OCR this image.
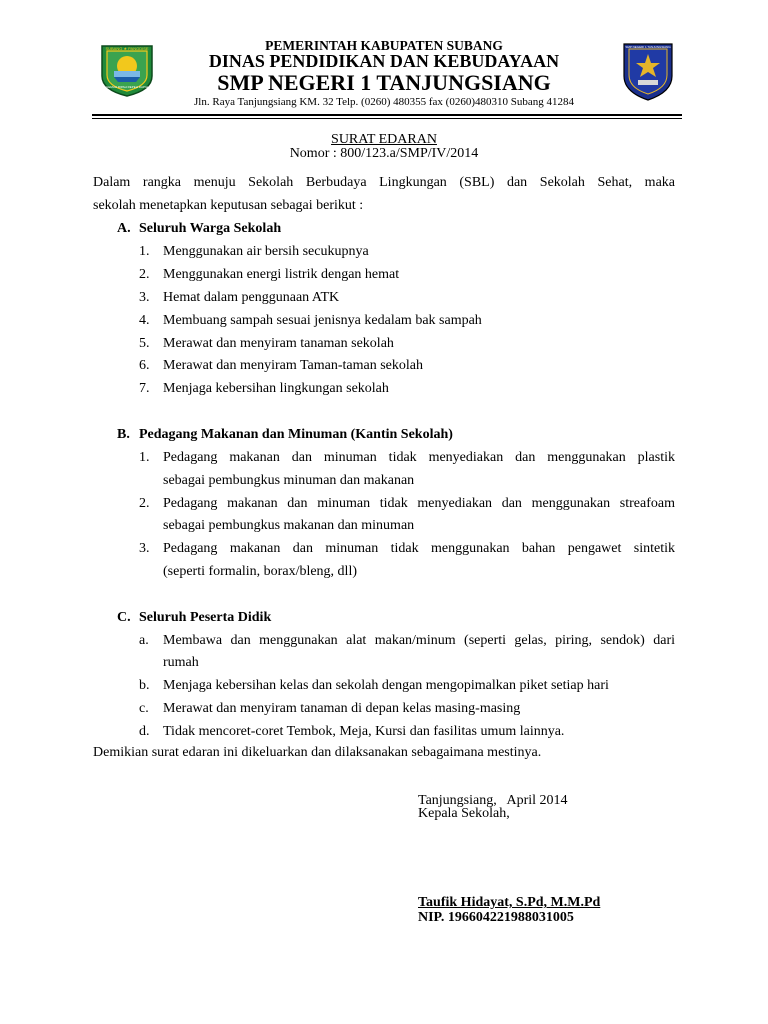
SUBANG ★ PANGDISE
GEMAH RIPAH REPEH RAPIH
SMP NEGERI 1 TANJUNGSIANG
PEMERINTAH KABUPATEN SUBANG
DINAS PENDIDIKAN DAN KEBUDAYAAN
SMP NEGERI 1 TANJUNGSIANG
Jln. Raya Tanjungsiang KM. 32 Telp. (0260) 480355 fax (0260)480310 Subang 41284
SURAT EDARAN
Nomor : 800/123.a/SMP/IV/2014
Dalam rangka menuju Sekolah Berbudaya Lingkungan (SBL) dan Sekolah Sehat, maka
sekolah menetapkan keputusan sebagai berikut :
A. Seluruh Warga Sekolah
1. Menggunakan air bersih secukupnya
2. Menggunakan energi listrik dengan hemat
3. Hemat dalam penggunaan ATK
4. Membuang sampah sesuai jenisnya kedalam bak sampah
5. Merawat dan menyiram tanaman sekolah
6. Merawat dan menyiram Taman-taman sekolah
7. Menjaga kebersihan lingkungan sekolah
B. Pedagang Makanan dan Minuman (Kantin Sekolah)
1. Pedagang makanan dan minuman tidak menyediakan dan menggunakan plastik
sebagai pembungkus minuman dan makanan
2. Pedagang makanan dan minuman tidak menyediakan dan menggunakan streafoam
sebagai pembungkus makanan dan minuman
3. Pedagang makanan dan minuman tidak menggunakan bahan pengawet sintetik
(seperti formalin, borax/bleng, dll)
C. Seluruh Peserta Didik
a. Membawa dan menggunakan alat makan/minum (seperti gelas, piring, sendok) dari
rumah
b. Menjaga kebersihan kelas dan sekolah dengan mengopimalkan piket setiap hari
c. Merawat dan menyiram tanaman di depan kelas masing-masing
d. Tidak mencoret-coret Tembok, Meja, Kursi dan fasilitas umum lainnya.
Demikian surat edaran ini dikeluarkan dan dilaksanakan sebagaimana mestinya.
Tanjungsiang,   April 2014
Kepala Sekolah,
Taufik Hidayat, S.Pd, M.M.Pd
NIP. 196604221988031005
